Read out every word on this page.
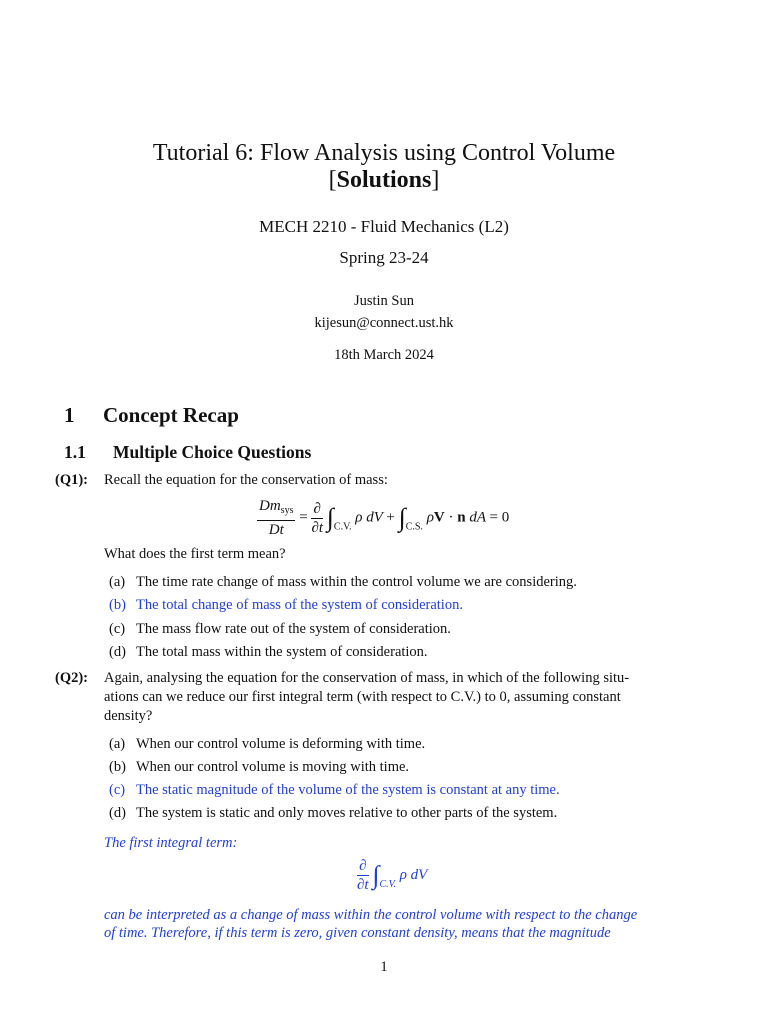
Tutorial 6: Flow Analysis using Control Volume
[Solutions]
MECH 2210 - Fluid Mechanics (L2)
Spring 23-24
Justin Sun
kijesun@connect.ust.hk
18th March 2024
1 Concept Recap
1.1 Multiple Choice Questions
(Q1): Recall the equation for the conservation of mass:
$\frac{Dm_{sys}}{Dt} = \frac{\partial}{\partial t} \int_{C.V.}$ ρ dV + $\int_{C.S.}$ ρV · n dA = 0
What does the first term mean?
(a) The time rate change of mass within the control volume we are considering.
(b) The total change of mass of the system of consideration.
(c) The mass flow rate out of the system of consideration.
(d) The total mass within the system of consideration.
(Q2): Again, analysing the equation for the conservation of mass, in which of the following situ-
ations can we reduce our first integral term (with respect to C.V.) to 0, assuming constant
density?
(a) When our control volume is deforming with time.
(b) When our control volume is moving with time.
(c) The static magnitude of the volume of the system is constant at any time.
(d) The system is static and only moves relative to other parts of the system.
The first integral term:
$\frac{\partial}{\partial t} \int_{C.V.}$ ρ dV
can be interpreted as a change of mass within the control volume with respect to the change
of time. Therefore, if this term is zero, given constant density, means that the magnitude
1
